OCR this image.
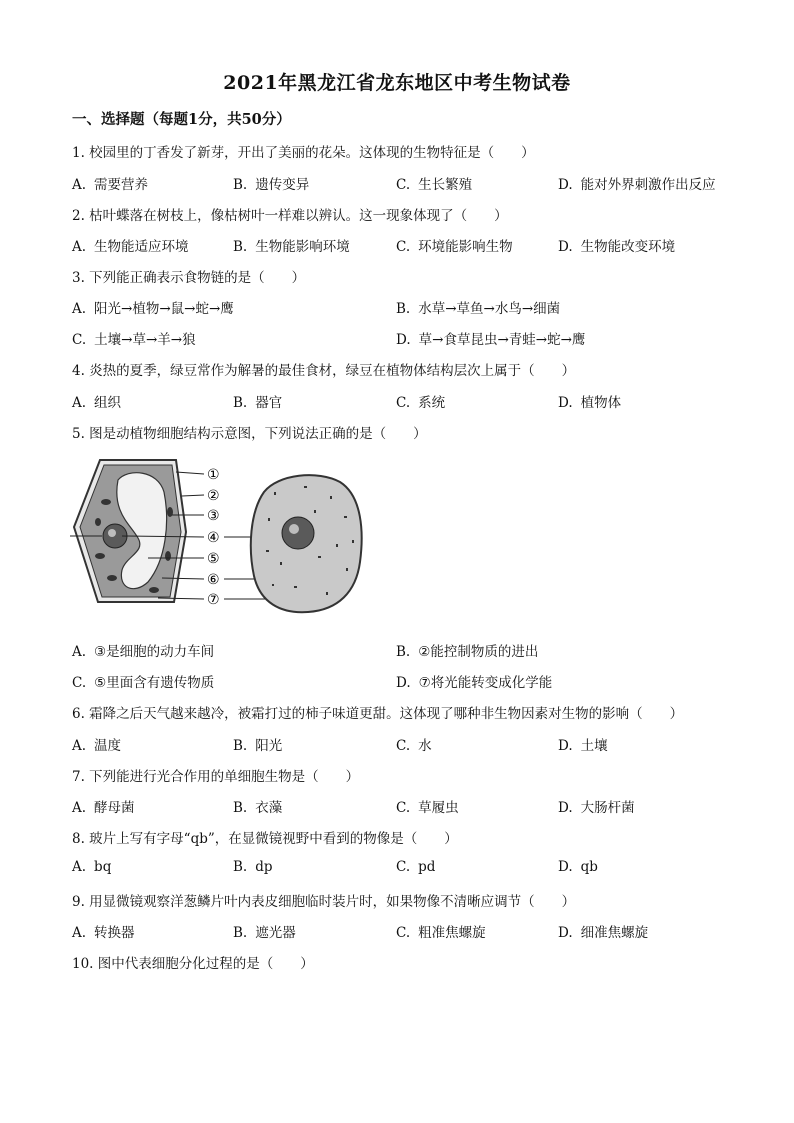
2021年黑龙江省龙东地区中考生物试卷
一、选择题（每题1分，共50分）
1. 校园里的丁香发了新芽，开出了美丽的花朵。这体现的生物特征是（　　）
A. 需要营养	B. 遗传变异	C. 生长繁殖	D. 能对外界刺激作出反应
2. 枯叶蝶落在树枝上，像枯树叶一样难以辨认。这一现象体现了（　　）
A. 生物能适应环境	B. 生物能影响环境	C. 环境能影响生物	D. 生物能改变环境
3. 下列能正确表示食物链的是（　　）
A. 阳光→植物→鼠→蛇→鹰	B. 水草→草鱼→水鸟→细菌
C. 土壤→草→羊→狼	D. 草→食草昆虫→青蛙→蛇→鹰
4. 炎热的夏季，绿豆常作为解暑的最佳食材，绿豆在植物体结构层次上属于（　　）
A. 组织	B. 器官	C. 系统	D. 植物体
5. 图是动植物细胞结构示意图，下列说法正确的是（　　）
①
②
③
④
⑤
⑥
⑦
A. ③是细胞的动力车间	B. ②能控制物质的进出
C. ⑤里面含有遗传物质	D. ⑦将光能转变成化学能
6. 霜降之后天气越来越冷，被霜打过的柿子味道更甜。这体现了哪种非生物因素对生物的影响（　　）
A. 温度	B. 阳光	C. 水	D. 土壤
7. 下列能进行光合作用的单细胞生物是（　　）
A. 酵母菌	B. 衣藻	C. 草履虫	D. 大肠杆菌
8. 玻片上写有字母“qb”，在显微镜视野中看到的物像是（　　）
A. bq	B. dp	C. pd	D. qb
9. 用显微镜观察洋葱鳞片叶内表皮细胞临时装片时，如果物像不清晰应调节（　　）
A. 转换器	B. 遮光器	C. 粗准焦螺旋	D. 细准焦螺旋
10. 图中代表细胞分化过程的是（　　）
